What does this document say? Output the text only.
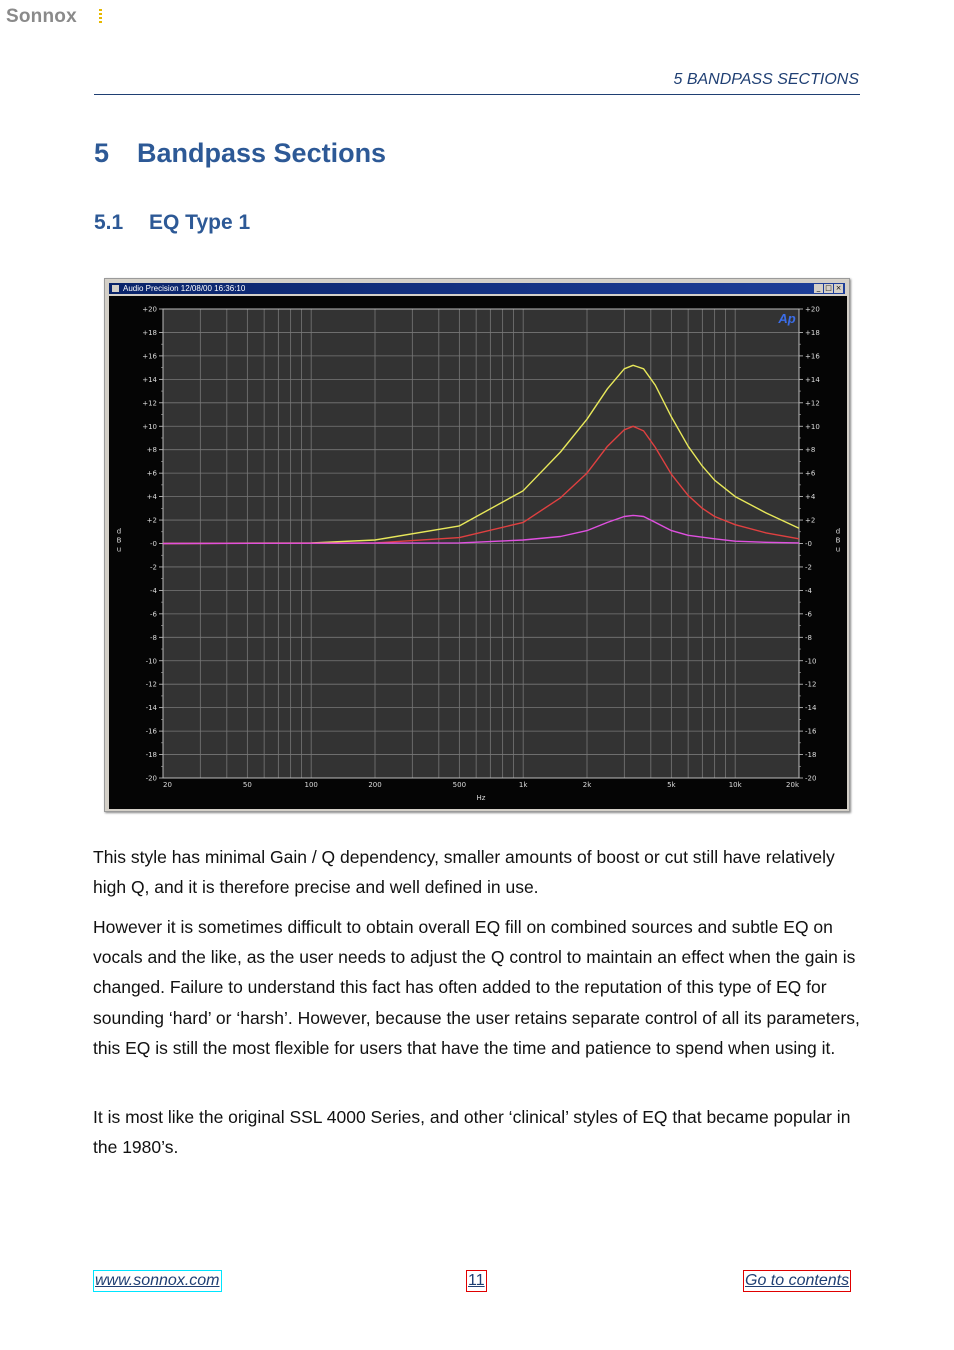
Sonnox
5 BANDPASS SECTIONS
5 Bandpass Sections
5.1 EQ Type 1
Audio Precision 12/08/00 16:36:10	_ □ ×
+20	+20
+18	+18
+16	+16
+14	+14
+12	+12
+10	+10
+8	+8
+6	+6
+4	+4
+2	+2
-0	-0
-2	-2
-4	-4
-6	-6
-8	-8
-10	-10
-12	-12
-14	-14
-16	-16
-18	-18
-20	-20
20	50	100	200	500	1k	2k	5k	10k	20k
Hz
d	d
B	B
u	u
Ap

This style has minimal Gain / Q dependency, smaller amounts of boost or cut still have relatively high Q, and it is therefore precise and well defined in use.

However it is sometimes difficult to obtain overall EQ fill on combined sources and subtle EQ on vocals and the like, as the user needs to adjust the Q control to maintain an effect when the gain is changed. Failure to understand this fact has often added to the reputation of this type of EQ for sounding ‘hard’ or ‘harsh’. However, because the user retains separate control of all its parameters, this EQ is still the most flexible for users that have the time and patience to spend when using it.

It is most like the original SSL 4000 Series, and other ‘clinical’ styles of EQ that became popular in the 1980’s.

www.sonnox.com	11	Go to contents
